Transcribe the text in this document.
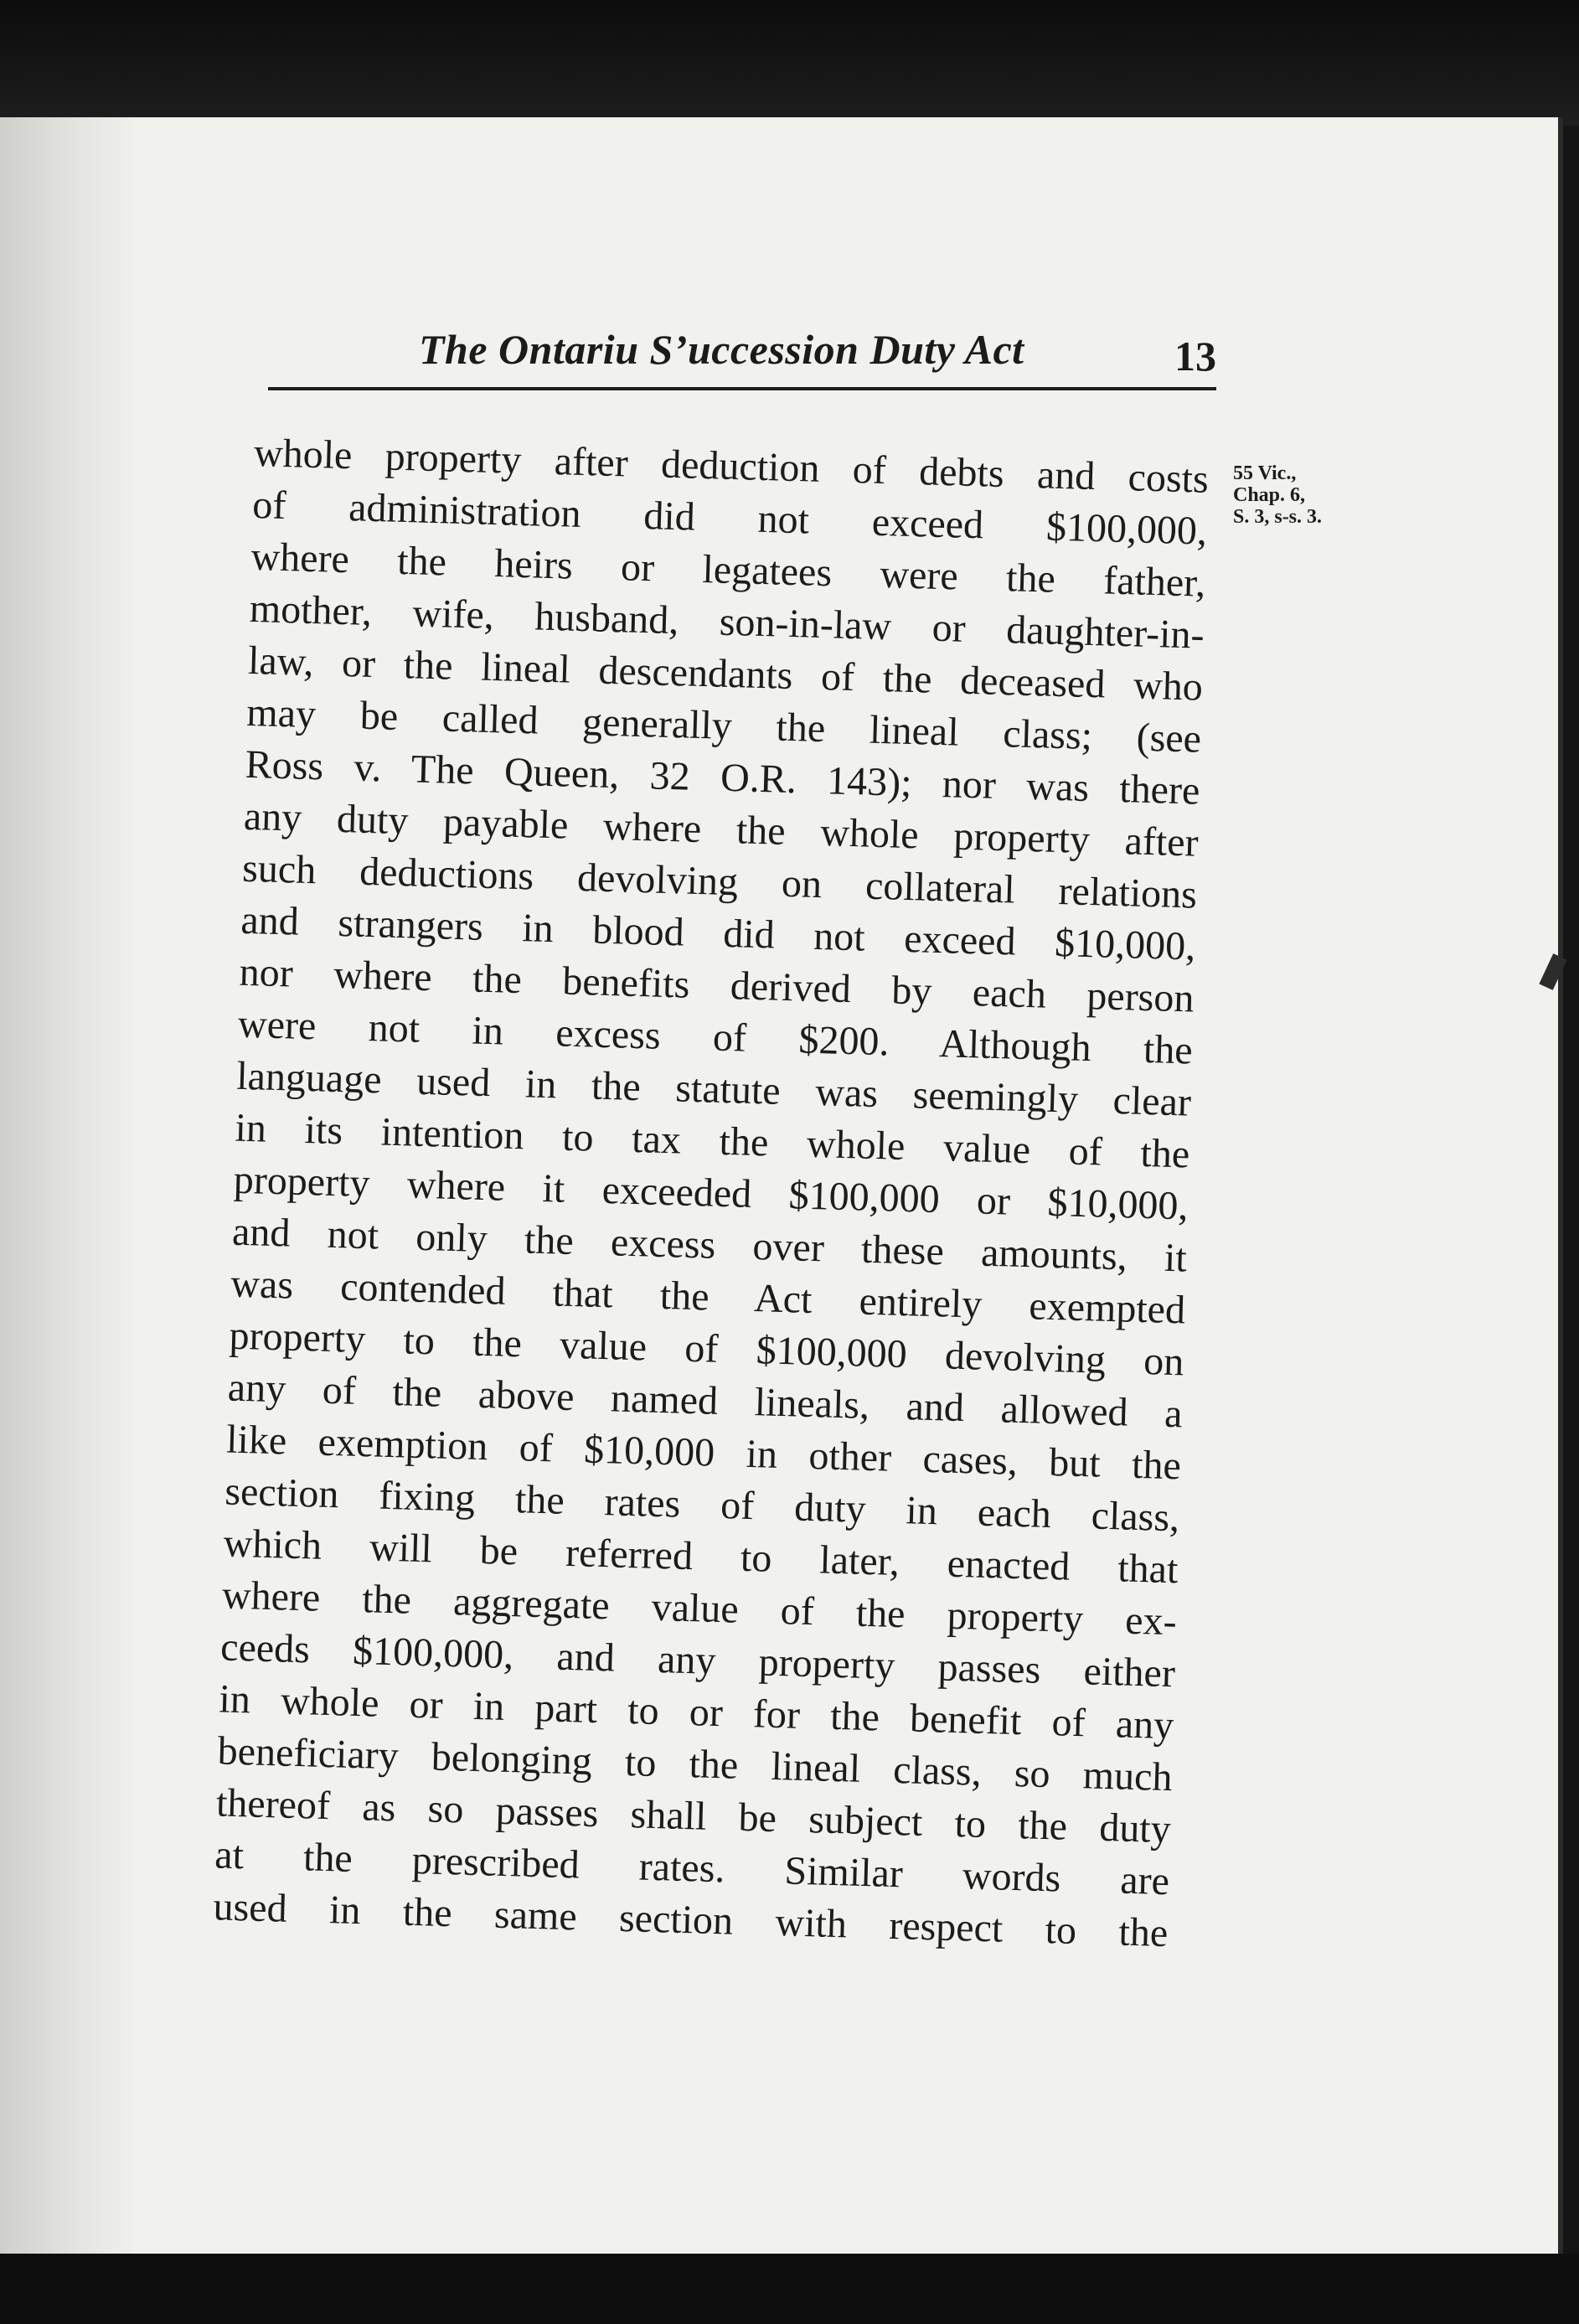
The Ontariu S’uccession Duty Act	13
55 Vic.,
Chap. 6,
S. 3, s-s. 3.
whole property after deduction of debts and costs
of administration did not exceed $100,000,
where the heirs or legatees were the father,
mother, wife, husband, son-in-law or daughter-in-
law, or the lineal descendants of the deceased who
may be called generally the lineal class; (see
Ross v. The Queen, 32 O.R. 143); nor was there
any duty payable where the whole property after
such deductions devolving on collateral relations
and strangers in blood did not exceed $10,000,
nor where the benefits derived by each person
were not in excess of $200. Although the
language used in the statute was seemingly clear
in its intention to tax the whole value of the
property where it exceeded $100,000 or $10,000,
and not only the excess over these amounts, it
was contended that the Act entirely exempted
property to the value of $100,000 devolving on
any of the above named lineals, and allowed a
like exemption of $10,000 in other cases, but the
section fixing the rates of duty in each class,
which will be referred to later, enacted that
where the aggregate value of the property ex-
ceeds $100,000, and any property passes either
in whole or in part to or for the benefit of any
beneficiary belonging to the lineal class, so much
thereof as so passes shall be subject to the duty
at the prescribed rates. Similar words are
used in the same section with respect to the
